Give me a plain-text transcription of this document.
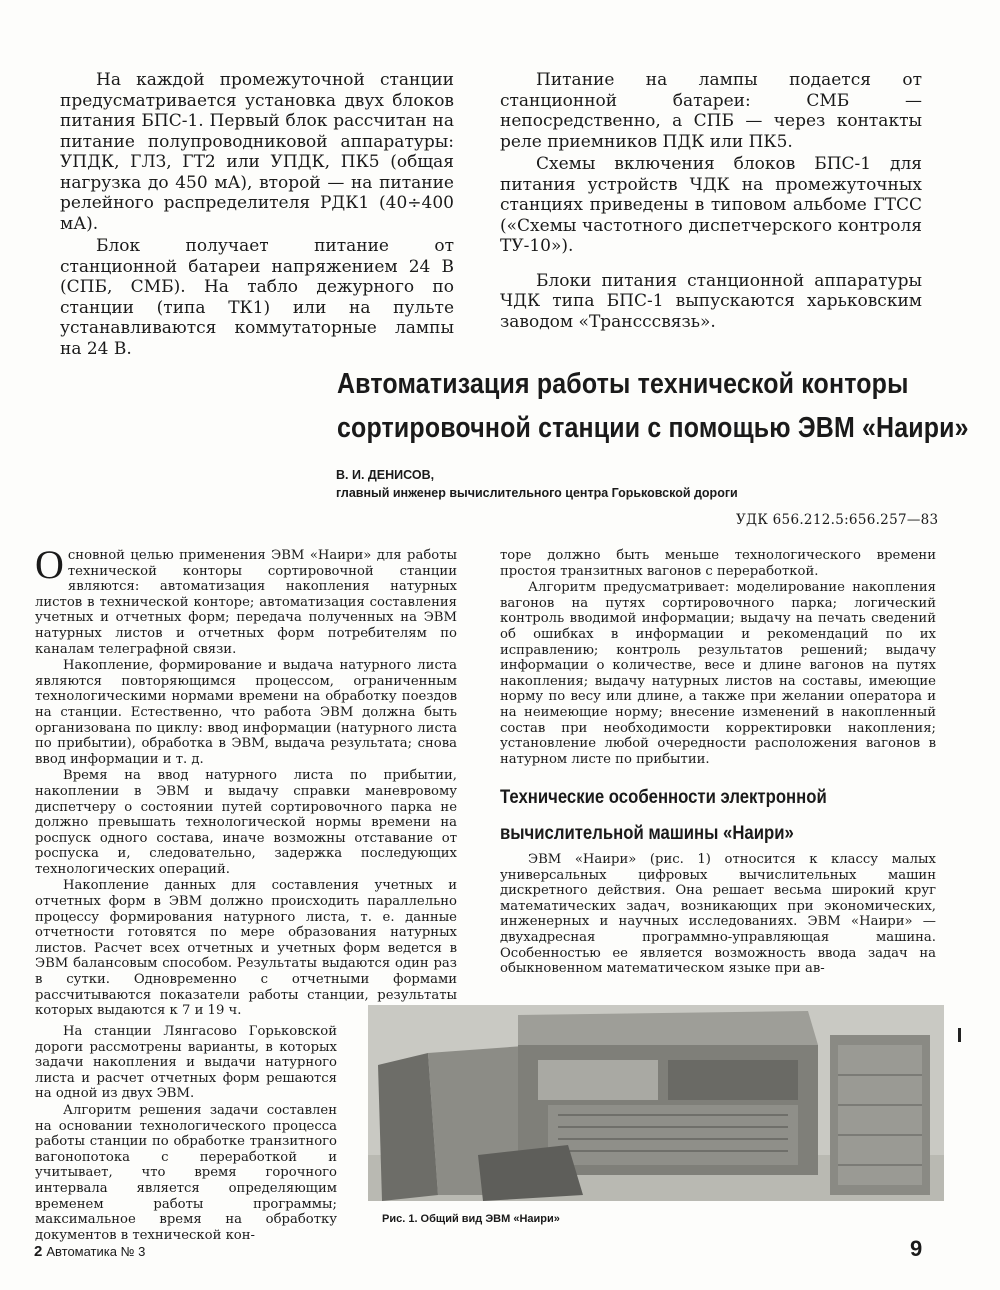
На каждой промежуточной станции предусматривается установка двух блоков питания БПС-1. Первый блок рассчитан на питание полупроводниковой аппаратуры: УПДК, ГЛЗ, ГТ2 или УПДК, ПК5 (общая нагрузка до 450 мА), второй — на питание релейного распределителя РДК1 (40÷400 мА).

Блок получает питание от станционной батареи напряжением 24 В (СПБ, СМБ). На табло дежурного по станции (типа ТК1) или на пульте устанавливаются коммутаторные лампы на 24 В.

Питание на лампы подается от станционной батареи: СМБ — непосредственно, а СПБ — через контакты реле приемников ПДК или ПК5.

Схемы включения блоков БПС-1 для питания устройств ЧДК на промежуточных станциях приведены в типовом альбоме ГТСС («Схемы частотного диспетчерского контроля ТУ-10»).

Блоки питания станционной аппаратуры ЧДК типа БПС-1 выпускаются харьковским заводом «Трансссвязь».

Автоматизация работы технической конторы
сортировочной станции с помощью ЭВМ «Наири»
В. И. ДЕНИСОВ,
главный инженер вычислительного центра Горьковской дороги
УДК 656.212.5:656.257—83

Основной целью применения ЭВМ «Наири» для работы технической конторы сортировочной станции являются: автоматизация накопления натурных листов в технической конторе; автоматизация составления учетных и отчетных форм; передача полученных на ЭВМ натурных листов и отчетных форм потребителям по каналам телеграфной связи.

Накопление, формирование и выдача натурного листа являются повторяющимся процессом, ограниченным технологическими нормами времени на обработку поездов на станции. Естественно, что работа ЭВМ должна быть организована по циклу: ввод информации (натурного листа по прибытии), обработка в ЭВМ, выдача результата; снова ввод информации и т. д.

Время на ввод натурного листа по прибытии, накоплении в ЭВМ и выдачу справки маневровому диспетчеру о состоянии путей сортировочного парка не должно превышать технологической нормы времени на роспуск одного состава, иначе возможны отставание от роспуска и, следовательно, задержка последующих технологических операций.

Накопление данных для составления учетных и отчетных форм в ЭВМ должно происходить параллельно процессу формирования натурного листа, т. е. данные отчетности готовятся по мере образования натурных листов. Расчет всех отчетных и учетных форм ведется в ЭВМ балансовым способом. Результаты выдаются один раз в сутки. Одновременно с отчетными формами рассчитываются показатели работы станции, результаты которых выдаются к 7 и 19 ч.

На станции Лянгасово Горьковской дороги рассмотрены варианты, в которых задачи накопления и выдачи натурного листа и расчет отчетных форм решаются на одной из двух ЭВМ.

Алгоритм решения задачи составлен на основании технологического процесса работы станции по обработке транзитного вагонопотока с переработкой и учитывает, что время горочного интервала является определяющим временем работы программы; максимальное время на обработку документов в технической кон-

торе должно быть меньше технологического времени простоя транзитных вагонов с переработкой.

Алгоритм предусматривает: моделирование накопления вагонов на путях сортировочного парка; логический контроль вводимой информации; выдачу на печать сведений об ошибках в информации и рекомендаций по их исправлению; контроль результатов решений; выдачу информации о количестве, весе и длине вагонов на путях накопления; выдачу натурных листов на составы, имеющие норму по весу или длине, а также при желании оператора и на неимеющие норму; внесение изменений в накопленный состав при необходимости корректировки накопления; установление любой очередности расположения вагонов в натурном листе по прибытии.

Технические особенности электронной
вычислительной машины «Наири»

ЭВМ «Наири» (рис. 1) относится к классу малых универсальных цифровых вычислительных машин дискретного действия. Она решает весьма широкий круг математических задач, возникающих при экономических, инженерных и научных исследованиях. ЭВМ «Наири» — двухадресная программно-управляющая машина. Особенностью ее является возможность ввода задач на обыкновенном математическом языке при ав-

Рис. 1. Общий вид ЭВМ «Наири»
2 Автоматика № 3	9
